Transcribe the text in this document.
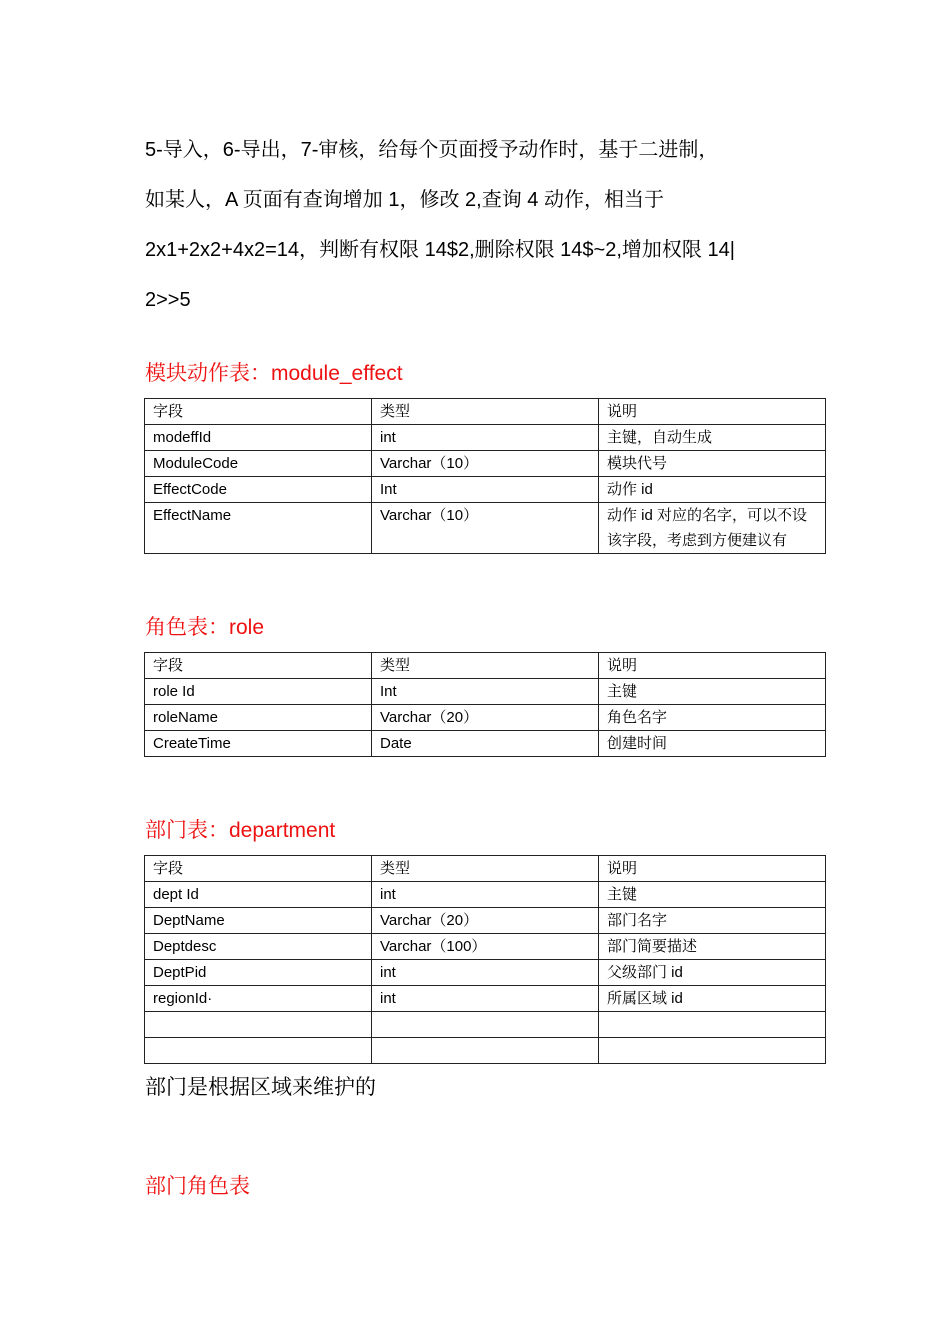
5-导入，6-导出，7-审核，给每个页面授予动作时，基于二进制，

如某人，A 页面有查询增加 1，修改 2,查询 4 动作，相当于

2x1+2x2+4x2=14，判断有权限 14$2,删除权限 14$~2,增加权限 14|

2>>5

模块动作表：module_effect
字段	类型	说明
modeffId	int	主键，自动生成
ModuleCode	Varchar（10）	模块代号
EffectCode	Int	动作 id
EffectName	Varchar（10）	动作 id 对应的名字，可以不设该字段，考虑到方便建议有
角色表：role
字段	类型	说明
role Id	Int	主键
roleName	Varchar（20）	角色名字
CreateTime	Date	创建时间
部门表：department
字段	类型	说明
dept Id	int	主键
DeptName	Varchar（20）	部门名字
Deptdesc	Varchar（100）	部门简要描述
DeptPid	int	父级部门 id
regionId·	int	所属区域 id

部门是根据区域来维护的

部门角色表
